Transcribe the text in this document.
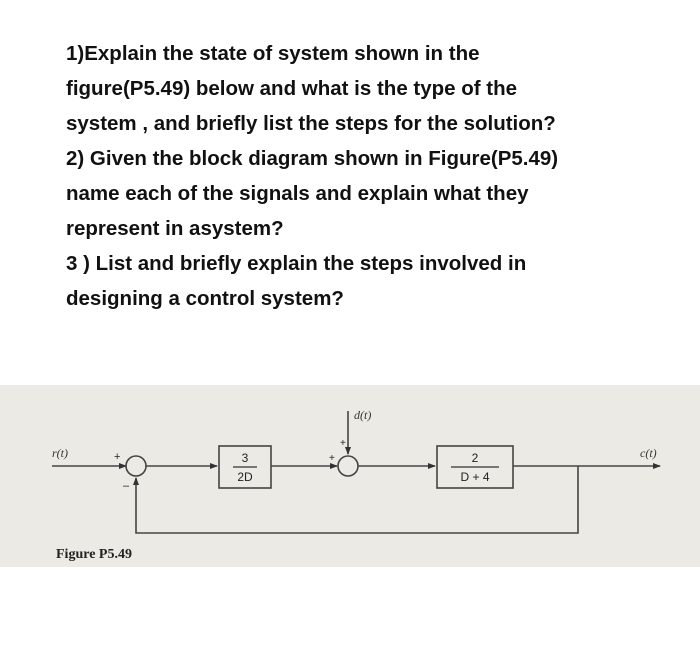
1)Explain the state of system shown in the
figure(P5.49) below and what is the type of the
system , and briefly list the steps for the solution?
2) Given the block diagram shown in Figure(P5.49)
name each of the signals and explain what they
represent in asystem?
3 ) List and briefly explain the steps involved in
designing a control system?
r(t)	c(t)
d(t)
+
–
+
+
3
2D
2
D + 4
Figure P5.49
